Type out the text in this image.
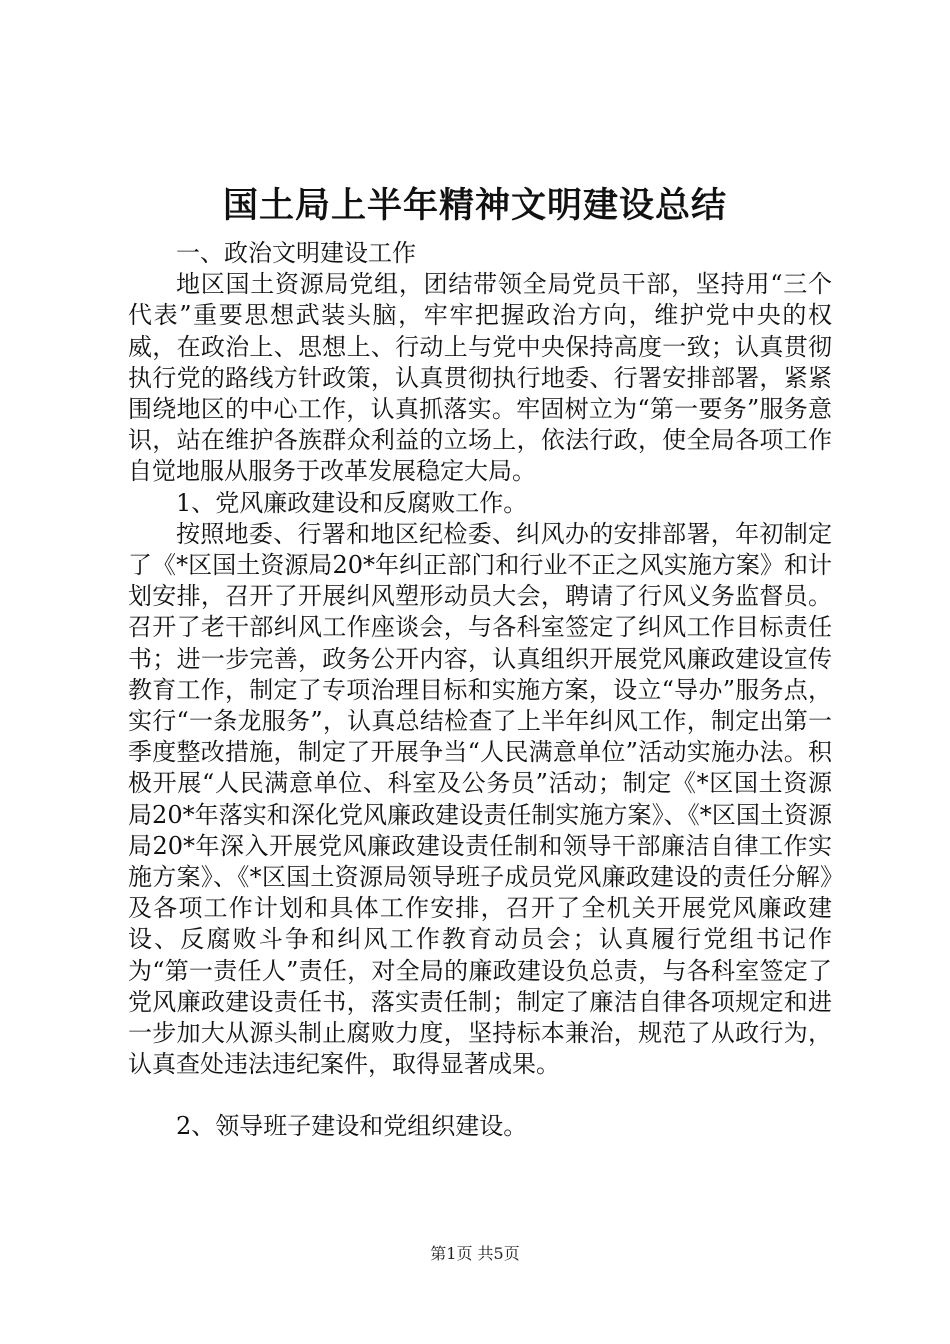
国土局上半年精神文明建设总结

一、政治文明建设工作

地区国土资源局党组，团结带领全局党员干部，坚持用“三个代表”重要思想武装头脑，牢牢把握政治方向，维护党中央的权威，在政治上、思想上、行动上与党中央保持高度一致；认真贯彻执行党的路线方针政策，认真贯彻执行地委、行署安排部署，紧紧围绕地区的中心工作，认真抓落实。牢固树立为“第一要务”服务意识，站在维护各族群众利益的立场上，依法行政，使全局各项工作自觉地服从服务于改革发展稳定大局。

1、党风廉政建设和反腐败工作。

按照地委、行署和地区纪检委、纠风办的安排部署，年初制定了《*区国土资源局20*年纠正部门和行业不正之风实施方案》和计划安排，召开了开展纠风塑形动员大会，聘请了行风义务监督员。召开了老干部纠风工作座谈会，与各科室签定了纠风工作目标责任书；进一步完善，政务公开内容，认真组织开展党风廉政建设宣传教育工作，制定了专项治理目标和实施方案，设立“导办”服务点，实行“一条龙服务”，认真总结检查了上半年纠风工作，制定出第一季度整改措施，制定了开展争当“人民满意单位”活动实施办法。积极开展“人民满意单位、科室及公务员”活动；制定《*区国土资源局20*年落实和深化党风廉政建设责任制实施方案》、《*区国土资源局20*年深入开展党风廉政建设责任制和领导干部廉洁自律工作实施方案》、《*区国土资源局领导班子成员党风廉政建设的责任分解》及各项工作计划和具体工作安排，召开了全机关开展党风廉政建设、反腐败斗争和纠风工作教育动员会；认真履行党组书记作为“第一责任人”责任，对全局的廉政建设负总责，与各科室签定了党风廉政建设责任书，落实责任制；制定了廉洁自律各项规定和进一步加大从源头制止腐败力度，坚持标本兼治，规范了从政行为，认真查处违法违纪案件，取得显著成果。

2、领导班子建设和党组织建设。

第1页 共5页
